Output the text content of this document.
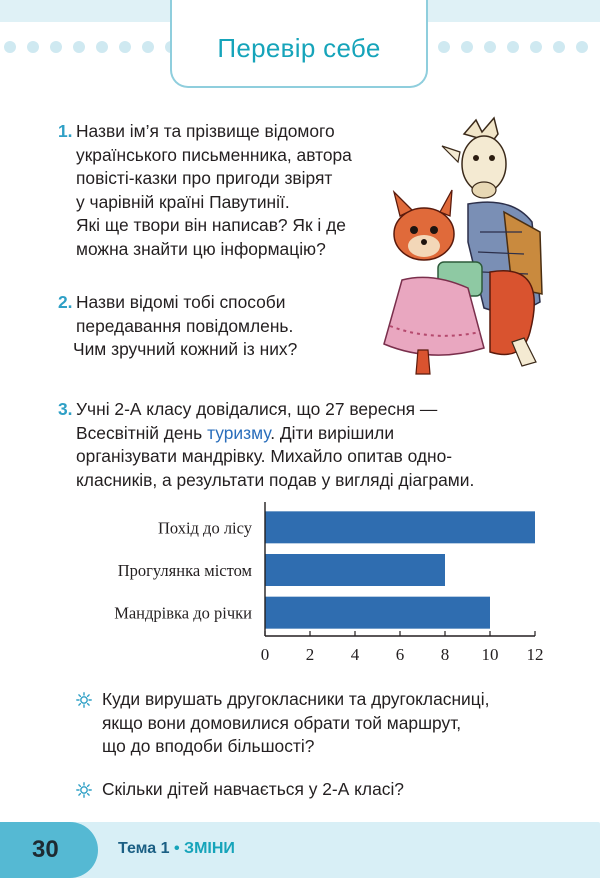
Перевір себе
1. Назви ім’я та прізвище відомого
українського письменника, автора
повісті-казки про пригоди звірят
у чарівній країні Павутинії.
Які ще твори він написав? Як і де
можна знайти цю інформацію?
2. Назви відомі тобі способи
передавання повідомлень.
Чим зручний кожний із них?
3. Учні 2-А класу довідалися, що 27 вересня —
Всесвітній день туризму. Діти вирішили
організувати мандрівку. Михайло опитав одно-
класників, а результати подав у вигляді діаграми.
Похід до лісу
Прогулянка містом
Мандрівка до річки
0 2 4 6 8 10 12
Куди вирушать другокласники та другокласниці,
якщо вони домовилися обрати той маршрут,
що до вподоби більшості?
Скільки дітей навчається у 2-А класі?
30	Тема 1 • ЗМІНИ
